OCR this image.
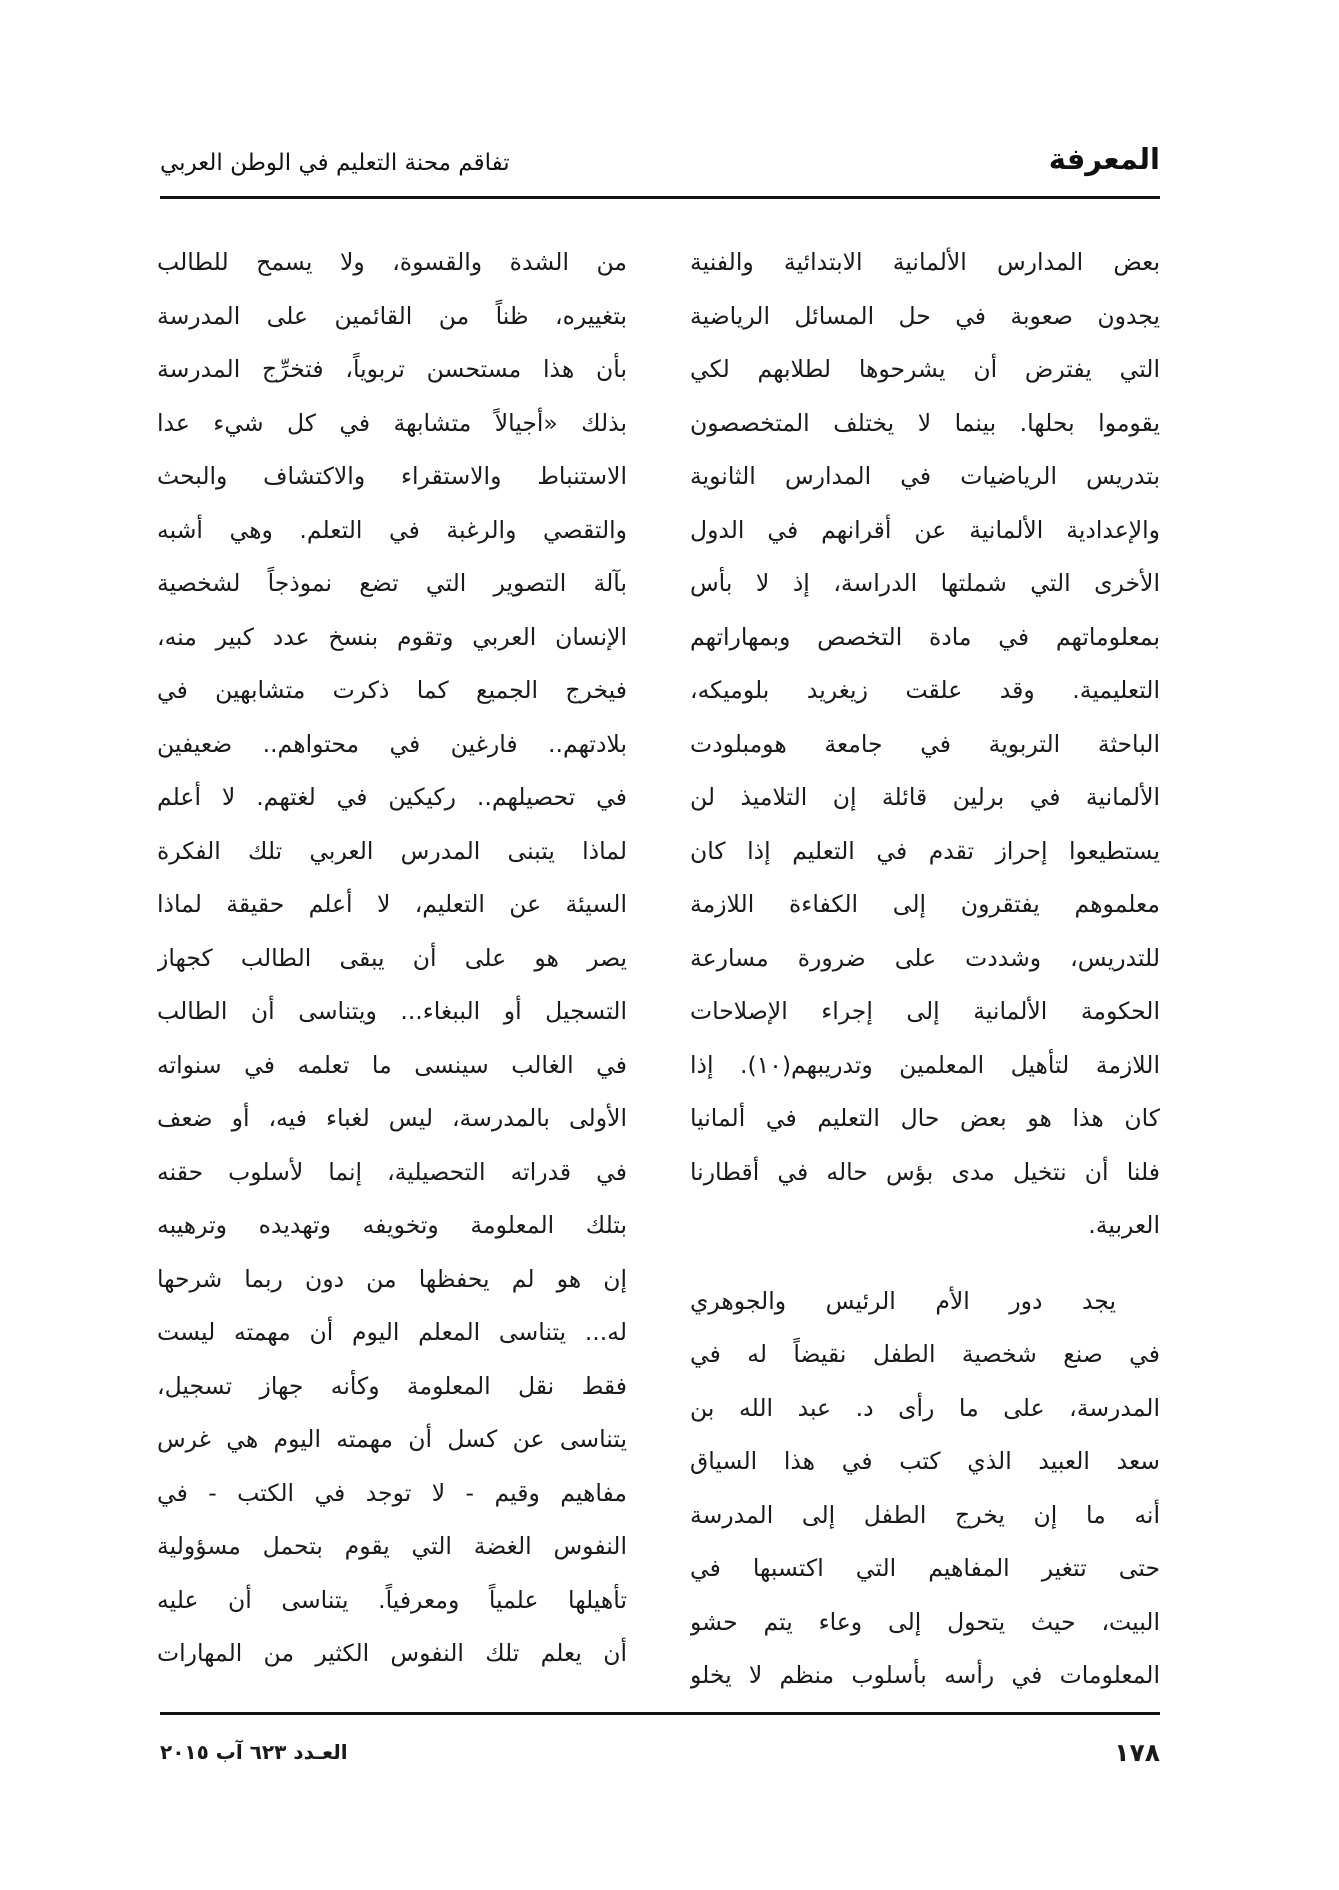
المعرفة
تفاقم محنة التعليم في الوطن العربي
بعض المدارس الألمانية الابتدائية والفنية
يجدون صعوبة في حل المسائل الرياضية
التي يفترض أن يشرحوها لطلابهم لكي
يقوموا بحلها. بينما لا يختلف المتخصصون
بتدريس الرياضيات في المدارس الثانوية
والإعدادية الألمانية عن أقرانهم في الدول
الأخرى التي شملتها الدراسة، إذ لا بأس
بمعلوماتهم في مادة التخصص وبمهاراتهم
التعليمية. وقد علقت زيغريد بلوميكه،
الباحثة التربوية في جامعة هومبلودت
الألمانية في برلين قائلة إن التلاميذ لن
يستطيعوا إحراز تقدم في التعليم إذا كان
معلموهم يفتقرون إلى الكفاءة اللازمة
للتدريس، وشددت على ضرورة مسارعة
الحكومة الألمانية إلى إجراء الإصلاحات
اللازمة لتأهيل المعلمين وتدريبهم(١٠). إذا
كان هذا هو بعض حال التعليم في ألمانيا
فلنا أن نتخيل مدى بؤس حاله في أقطارنا
العربية.
يجد دور الأم الرئيس والجوهري
في صنع شخصية الطفل نقيضاً له في
المدرسة، على ما رأى د. عبد الله بن
سعد العبيد الذي كتب في هذا السياق
أنه ما إن يخرج الطفل إلى المدرسة
حتى تتغير المفاهيم التي اكتسبها في
البيت، حيث يتحول إلى وعاء يتم حشو
المعلومات في رأسه بأسلوب منظم لا يخلو
من الشدة والقسوة، ولا يسمح للطالب
بتغييره، ظناً من القائمين على المدرسة
بأن هذا مستحسن تربوياً، فتخرِّج المدرسة
بذلك «أجيالاً متشابهة في كل شيء عدا
الاستنباط والاستقراء والاكتشاف والبحث
والتقصي والرغبة في التعلم. وهي أشبه
بآلة التصوير التي تضع نموذجاً لشخصية
الإنسان العربي وتقوم بنسخ عدد كبير منه،
فيخرج الجميع كما ذكرت متشابهين في
بلادتهم.. فارغين في محتواهم.. ضعيفين
في تحصيلهم.. ركيكين في لغتهم. لا أعلم
لماذا يتبنى المدرس العربي تلك الفكرة
السيئة عن التعليم، لا أعلم حقيقة لماذا
يصر هو على أن يبقى الطالب كجهاز
التسجيل أو الببغاء... ويتناسى أن الطالب
في الغالب سينسى ما تعلمه في سنواته
الأولى بالمدرسة، ليس لغباء فيه، أو ضعف
في قدراته التحصيلية، إنما لأسلوب حقنه
بتلك المعلومة وتخويفه وتهديده وترهيبه
إن هو لم يحفظها من دون ربما شرحها
له... يتناسى المعلم اليوم أن مهمته ليست
فقط نقل المعلومة وكأنه جهاز تسجيل،
يتناسى عن كسل أن مهمته اليوم هي غرس
مفاهيم وقيم - لا توجد في الكتب - في
النفوس الغضة التي يقوم بتحمل مسؤولية
تأهيلها علمياً ومعرفياً. يتناسى أن عليه
أن يعلم تلك النفوس الكثير من المهارات
١٧٨
العـدد ٦٢٣ آب ٢٠١٥
